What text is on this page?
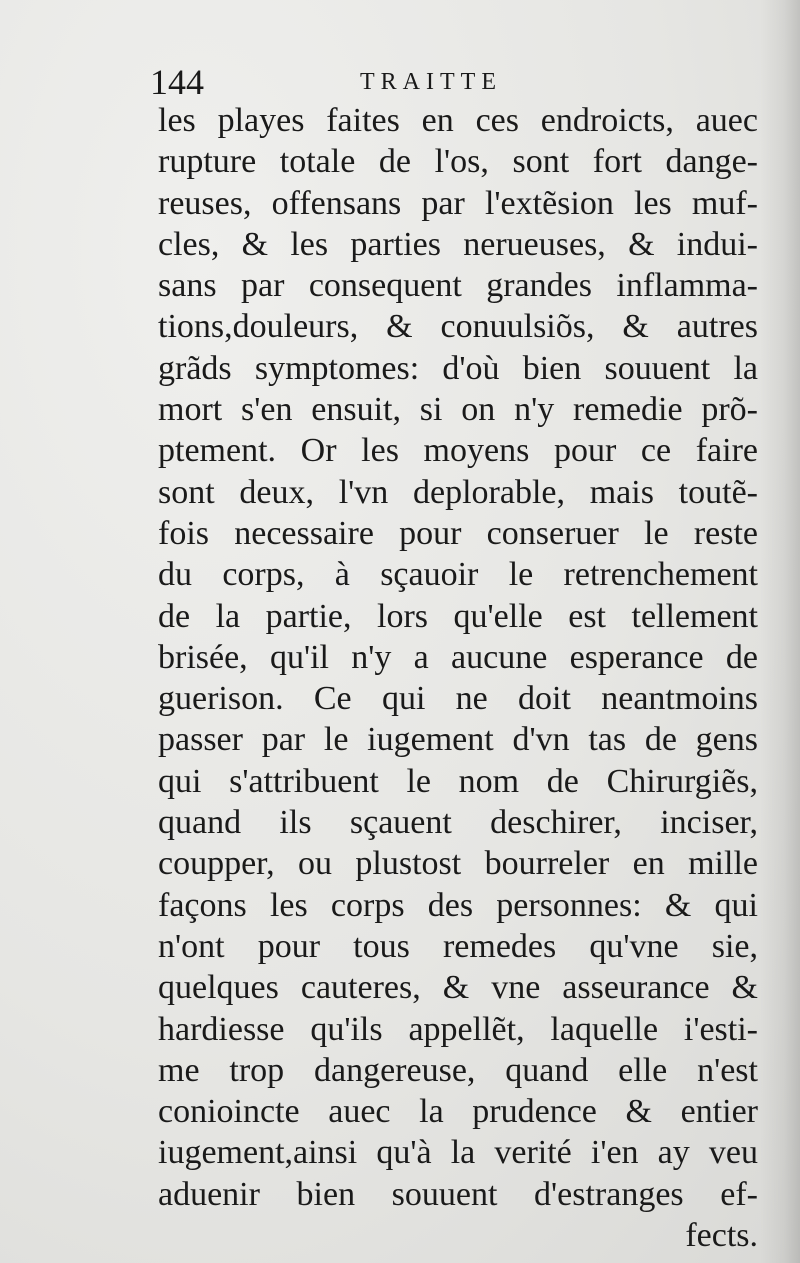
144	TRAITTE
les playes faites en ces endroicts, auec
rupture totale de l'os, sont fort dange-
reuses, offensans par l'extẽsion les muf-
cles, & les parties nerueuses, & indui-
sans par consequent grandes inflamma-
tions,douleurs, & conuulsiõs, & autres
grãds symptomes: d'où bien souuent la
mort s'en ensuit, si on n'y remedie prõ-
ptement. Or les moyens pour ce faire
sont deux, l'vn deplorable, mais toutẽ-
fois necessaire pour conseruer le reste
du corps, à sçauoir le retrenchement
de la partie, lors qu'elle est tellement
brisée, qu'il n'y a aucune esperance de
guerison. Ce qui ne doit neantmoins
passer par le iugement d'vn tas de gens
qui s'attribuent le nom de Chirurgiẽs,
quand ils sçauent deschirer, inciser,
coupper, ou plustost bourreler en mille
façons les corps des personnes: & qui
n'ont pour tous remedes qu'vne sie,
quelques cauteres, & vne asseurance &
hardiesse qu'ils appellẽt, laquelle i'esti-
me trop dangereuse, quand elle n'est
conioincte auec la prudence & entier
iugement,ainsi qu'à la verité i'en ay veu
aduenir bien souuent d'estranges ef-
fects.
